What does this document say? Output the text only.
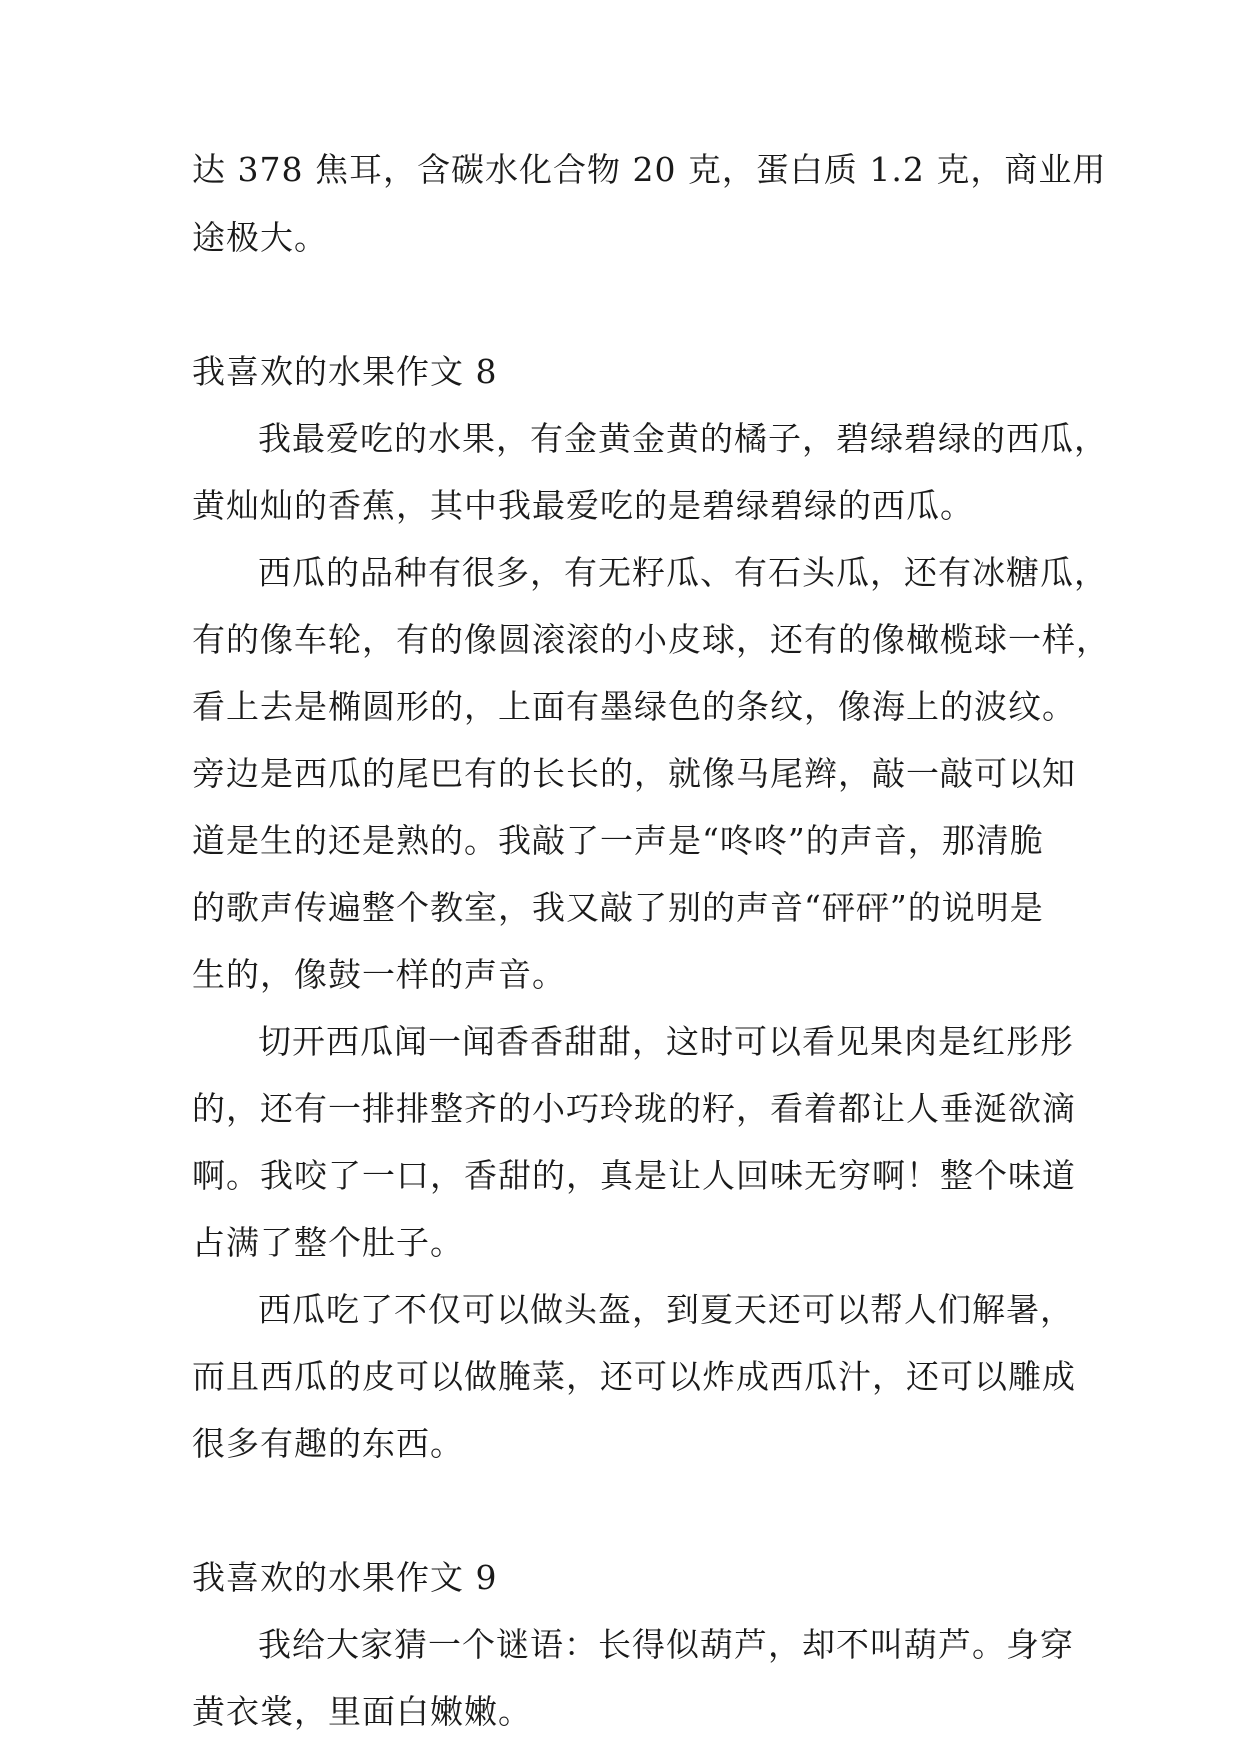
达 378 焦耳，含碳水化合物 20 克，蛋白质 1.2 克，商业用
途极大。
我喜欢的水果作文 8
我最爱吃的水果，有金黄金黄的橘子，碧绿碧绿的西瓜，
黄灿灿的香蕉，其中我最爱吃的是碧绿碧绿的西瓜。
西瓜的品种有很多，有无籽瓜、有石头瓜，还有冰糖瓜，
有的像车轮，有的像圆滚滚的小皮球，还有的像橄榄球一样，
看上去是椭圆形的，上面有墨绿色的条纹，像海上的波纹。
旁边是西瓜的尾巴有的长长的，就像马尾辫，敲一敲可以知
道是生的还是熟的。我敲了一声是“咚咚”的声音，那清脆
的歌声传遍整个教室，我又敲了别的声音“砰砰”的说明是
生的，像鼓一样的声音。
切开西瓜闻一闻香香甜甜，这时可以看见果肉是红彤彤
的，还有一排排整齐的小巧玲珑的籽，看着都让人垂涎欲滴
啊。我咬了一口，香甜的，真是让人回味无穷啊！整个味道
占满了整个肚子。
西瓜吃了不仅可以做头盔，到夏天还可以帮人们解暑，
而且西瓜的皮可以做腌菜，还可以炸成西瓜汁，还可以雕成
很多有趣的东西。
我喜欢的水果作文 9
我给大家猜一个谜语：长得似葫芦，却不叫葫芦。身穿
黄衣裳，里面白嫩嫩。
